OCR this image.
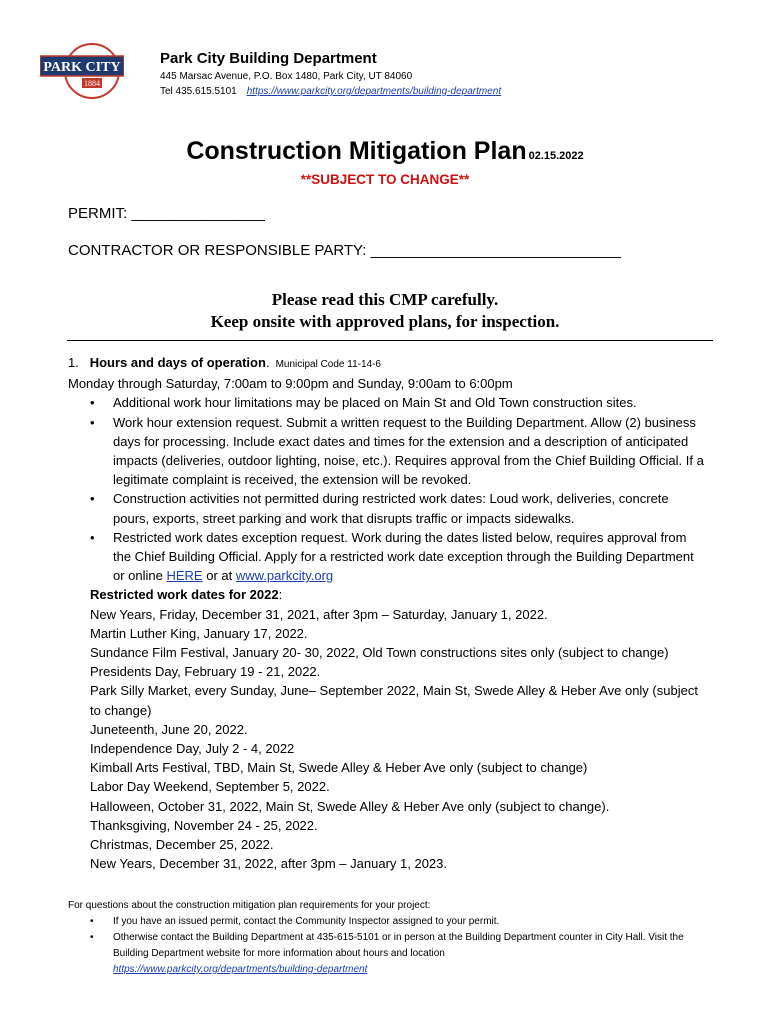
PARK CITY
1884
Park City Building Department
445 Marsac Avenue, P.O. Box 1480, Park City, UT 84060
Tel 435.615.5101 https://www.parkcity.org/departments/building-department
Construction Mitigation Plan 02.15.2022
**SUBJECT TO CHANGE**
PERMIT: ________________
CONTRACTOR OR RESPONSIBLE PARTY: ______________________________
Please read this CMP carefully.
Keep onsite with approved plans, for inspection.

1. Hours and days of operation. Municipal Code 11-14-6

Monday through Saturday, 7:00am to 9:00pm and Sunday, 9:00am to 6:00pm

• Additional work hour limitations may be placed on Main St and Old Town construction sites.
• Work hour extension request. Submit a written request to the Building Department. Allow (2) business days for processing. Include exact dates and times for the extension and a description of anticipated impacts (deliveries, outdoor lighting, noise, etc.). Requires approval from the Chief Building Official. If a legitimate complaint is received, the extension will be revoked.
• Construction activities not permitted during restricted work dates: Loud work, deliveries, concrete pours, exports, street parking and work that disrupts traffic or impacts sidewalks.
• Restricted work dates exception request. Work during the dates listed below, requires approval from the Chief Building Official. Apply for a restricted work date exception through the Building Department or online HERE or at www.parkcity.org

Restricted work dates for 2022:

New Years, Friday, December 31, 2021, after 3pm – Saturday, January 1, 2022.

Martin Luther King, January 17, 2022.

Sundance Film Festival, January 20- 30, 2022, Old Town constructions sites only (subject to change)

Presidents Day, February 19 - 21, 2022.

Park Silly Market, every Sunday, June– September 2022, Main St, Swede Alley & Heber Ave only (subject to change)

Juneteenth, June 20, 2022.

Independence Day, July 2 - 4, 2022

Kimball Arts Festival, TBD, Main St, Swede Alley & Heber Ave only (subject to change)

Labor Day Weekend, September 5, 2022.

Halloween, October 31, 2022, Main St, Swede Alley & Heber Ave only (subject to change).

Thanksgiving, November 24 - 25, 2022.

Christmas, December 25, 2022.

New Years, December 31, 2022, after 3pm – January 1, 2023.

For questions about the construction mitigation plan requirements for your project:

• If you have an issued permit, contact the Community Inspector assigned to your permit.
• Otherwise contact the Building Department at 435-615-5101 or in person at the Building Department counter in City Hall. Visit the Building Department website for more information about hours and location
https://www.parkcity.org/departments/building-department
